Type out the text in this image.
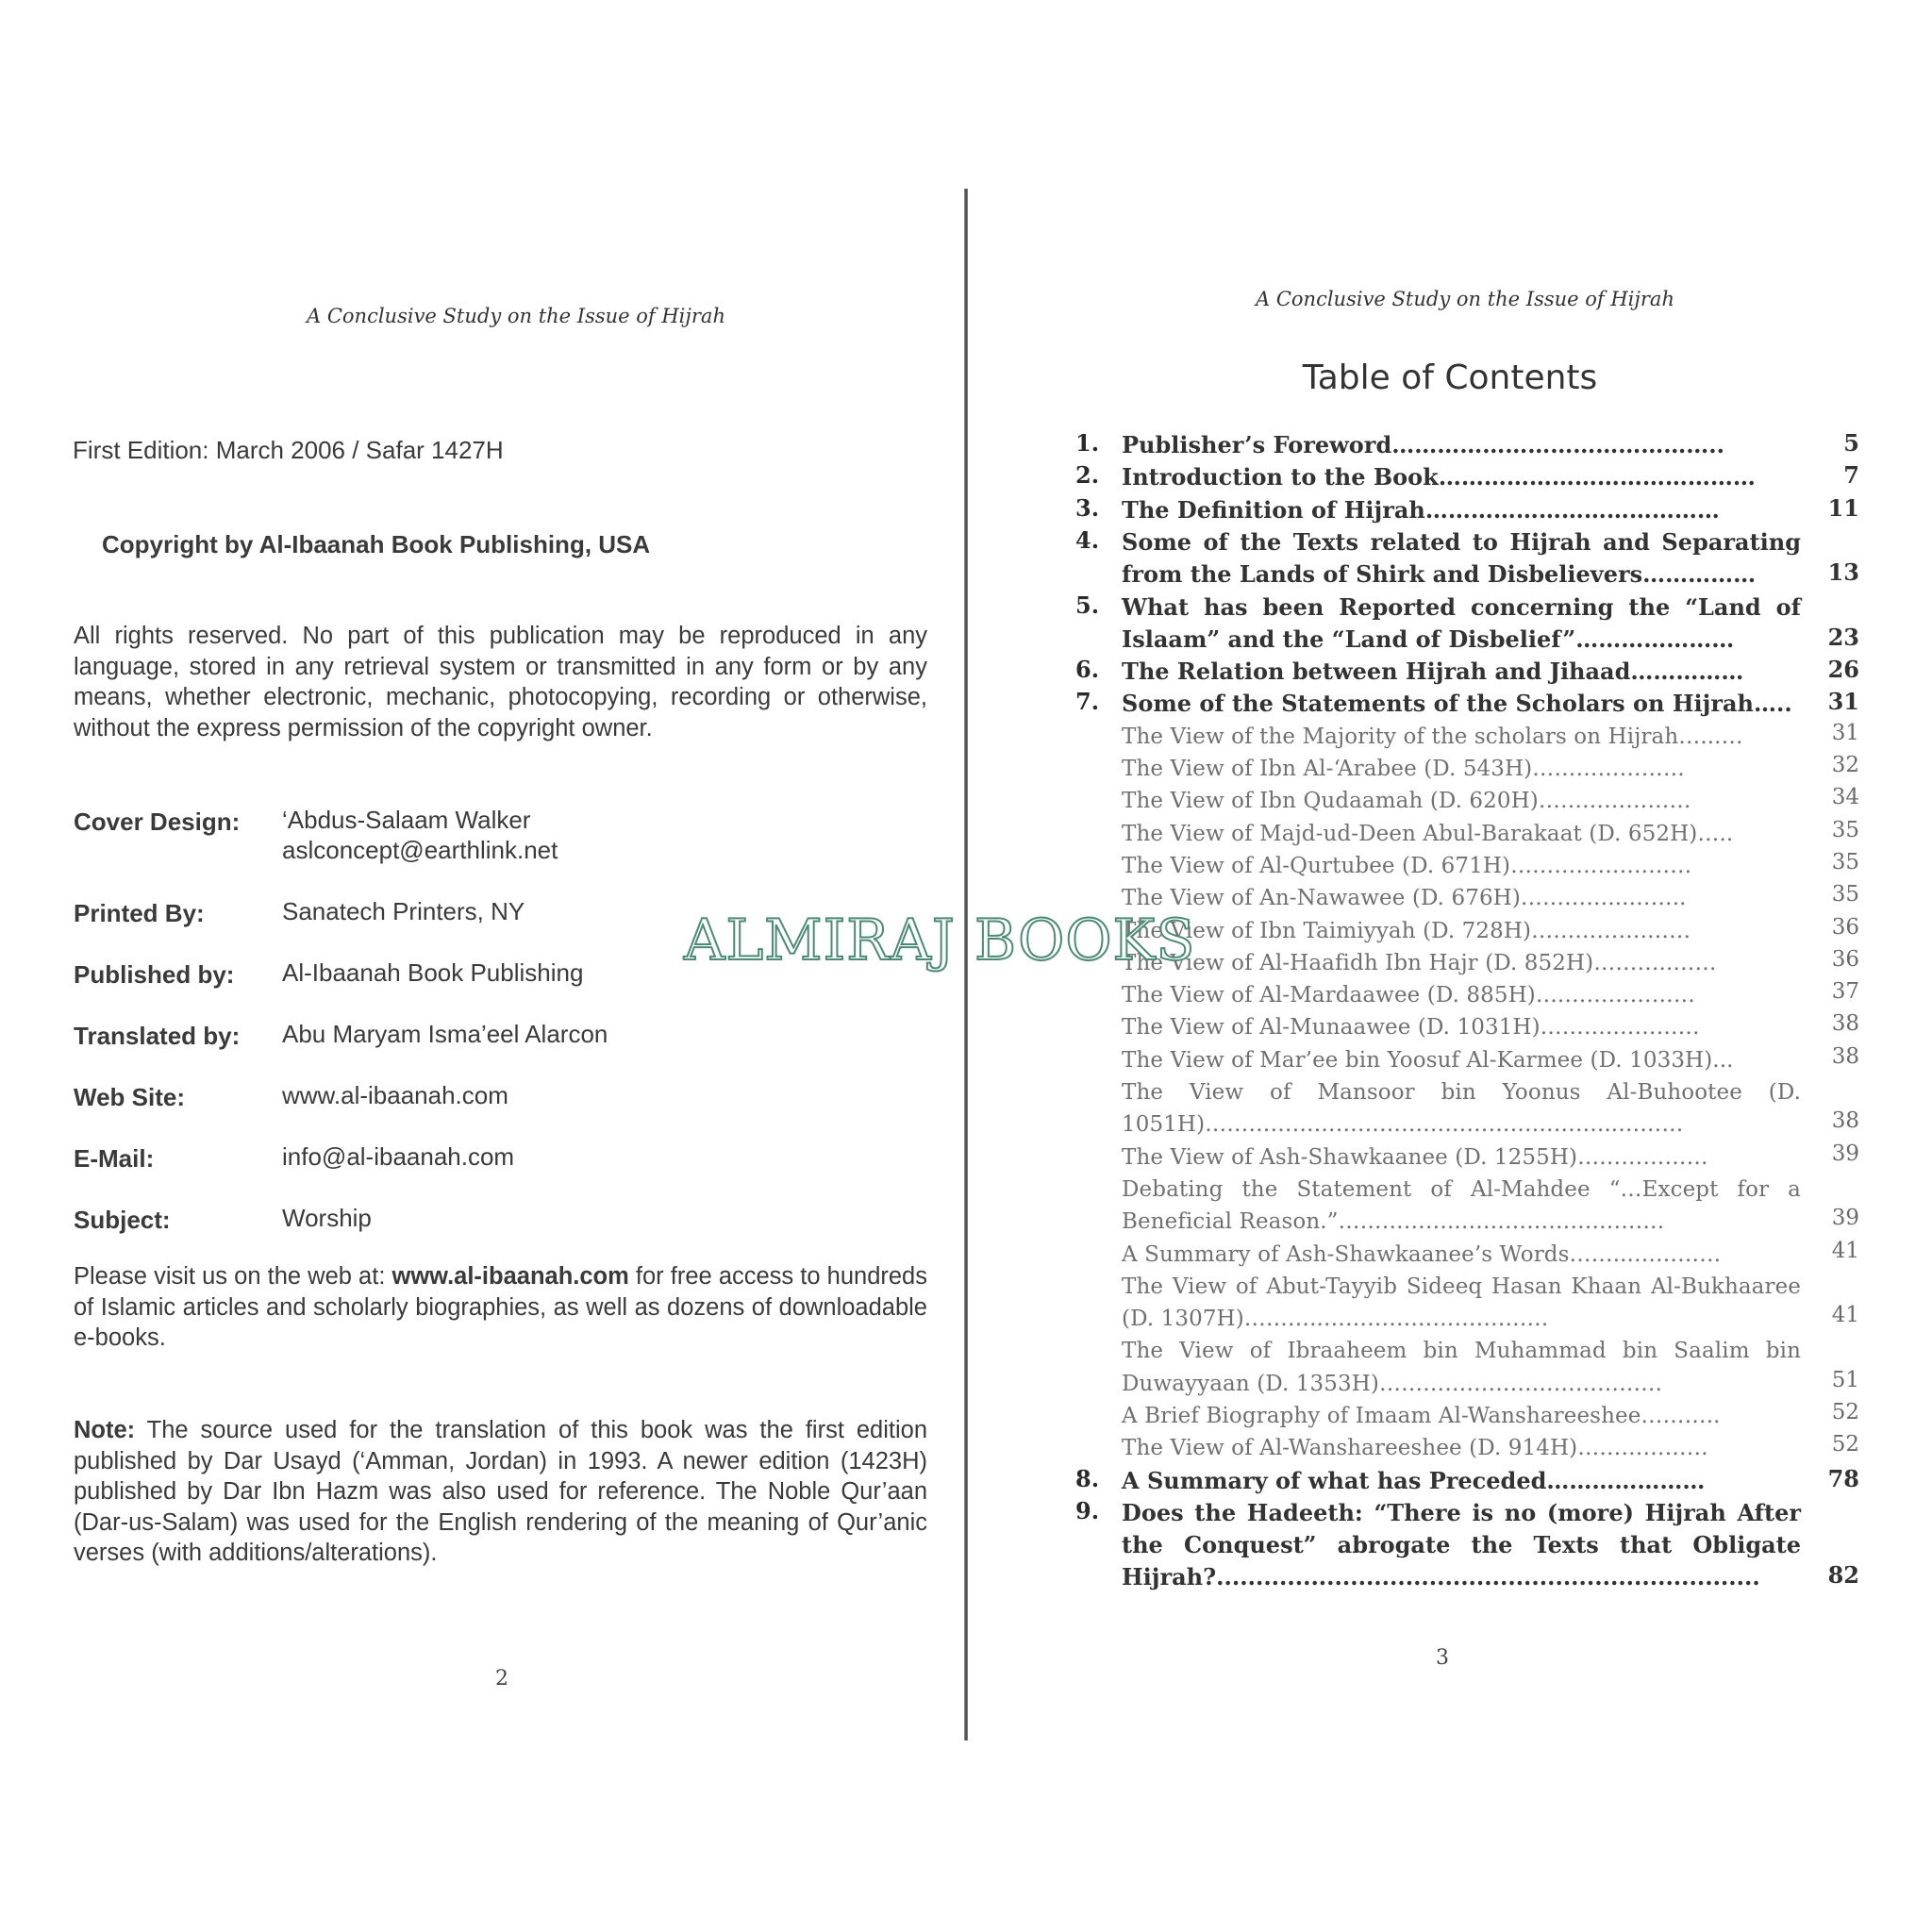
A Conclusive Study on the Issue of Hijrah
First Edition: March 2006 / Safar 1427H
Copyright by Al-Ibaanah Book Publishing, USA
All rights reserved. No part of this publication may be reproduced in any language, stored in any retrieval system or transmitted in any form or by any means, whether electronic, mechanic, photocopying, recording or otherwise, without the express permission of the copyright owner.
Cover Design: ‘Abdus-Salaam Walker
aslconcept@earthlink.net
Printed By:	Sanatech Printers, NY
Published by: Al-Ibaanah Book Publishing
Translated by: Abu Maryam Isma’eel Alarcon
Web Site:	www.al-ibaanah.com
E-Mail:	info@al-ibaanah.com
Subject:	Worship
Please visit us on the web at: www.al-ibaanah.com for free access to hundreds of Islamic articles and scholarly biographies, as well as dozens of downloadable e-books.
Note: The source used for the translation of this book was the first edition published by Dar Usayd (‘Amman, Jordan) in 1993. A newer edition (1423H) published by Dar Ibn Hazm was also used for reference. The Noble Qur’aan (Dar-us-Salam) was used for the English rendering of the meaning of Qur’anic verses (with additions/alterations).
2
A Conclusive Study on the Issue of Hijrah
Table of Contents
1. Publisher’s Foreword……………………………………..	5
2. Introduction to the Book……………………………………	7
3. The Definition of Hijrah…………………………………	11
4. Some of the Texts related to Hijrah and Separating from the Lands of Shirk and Disbelievers……………	13
5. What has been Reported concerning the “Land of Islaam” and the “Land of Disbelief”…………………	23
6. The Relation between Hijrah and Jihaad……………	26
7. Some of the Statements of the Scholars on Hijrah…..	31
The View of the Majority of the scholars on Hijrah…...…	31
The View of Ibn Al-‘Arabee (D. 543H)…………………	32
The View of Ibn Qudaamah (D. 620H)…………………	34
The View of Majd-ud-Deen Abul-Barakaat (D. 652H)…..	35
The View of Al-Qurtubee (D. 671H)……………….……	35
The View of An-Nawawee (D. 676H)…………...……..	35
The View of Ibn Taimiyyah (D. 728H)…………….……	36
The View of Al-Haafidh Ibn Hajr (D. 852H)………..……	36
The View of Al-Mardaawee (D. 885H)….………………	37
The View of Al-Munaawee (D. 1031H)……….…………	38
The View of Mar’ee bin Yoosuf Al-Karmee (D. 1033H)...	38
The View of Mansoor bin Yoonus Al-Buhootee (D. 1051H)………………………………………………...………	38
The View of Ash-Shawkaanee (D. 1255H)………………	39
Debating the Statement of Al-Mahdee “…Except for a Beneficial Reason.”……………..……………………….	39
A Summary of Ash-Shawkaanee’s Words……...…………	41
The View of Abut-Tayyib Sideeq Hasan Khaan Al-Bukhaaree (D. 1307H)………..………………………….	41
The View of Ibraaheem bin Muhammad bin Saalim bin Duwayyaan (D. 1353H)…………………………………	51
A Brief Biography of Imaam Al-Wanshareeshee………..	52
The View of Al-Wanshareeshee (D. 914H)………………	52
8. A Summary of what has Preceded…………………	78
9. Does the Hadeeth: “There is no (more) Hijrah After the Conquest” abrogate the Texts that Obligate Hijrah?.....................................................................	82
3
ALMIRAJ BOOKS
